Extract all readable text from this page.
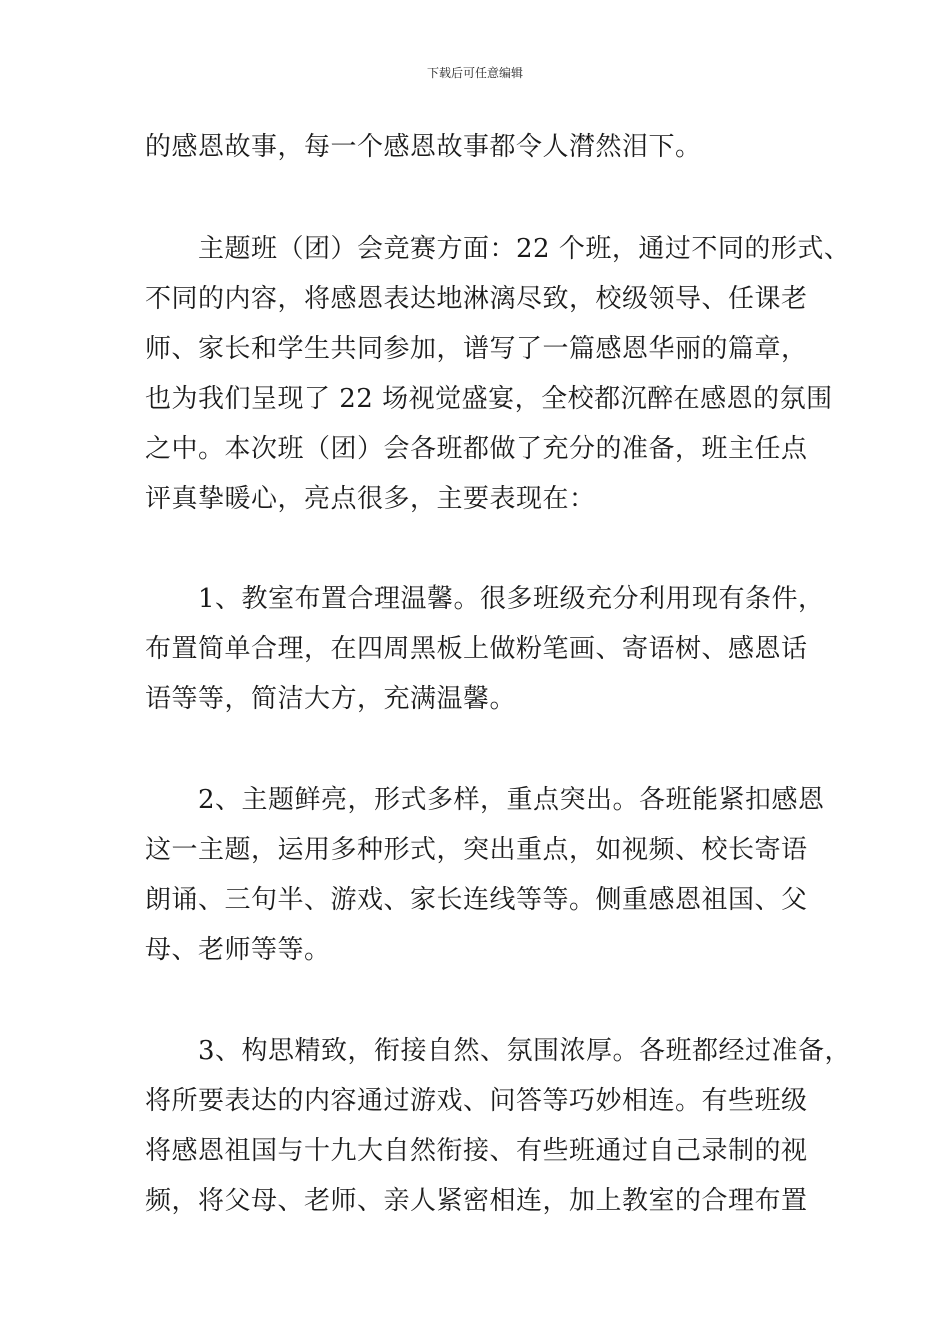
下载后可任意编辑
的感恩故事，每一个感恩故事都令人潸然泪下。
　　主题班（团）会竞赛方面：22 个班，通过不同的形式、
不同的内容，将感恩表达地淋漓尽致，校级领导、任课老
师、家长和学生共同参加，谱写了一篇感恩华丽的篇章，
也为我们呈现了 22 场视觉盛宴，全校都沉醉在感恩的氛围
之中。本次班（团）会各班都做了充分的准备，班主任点
评真挚暖心，亮点很多，主要表现在：
　　1、教室布置合理温馨。很多班级充分利用现有条件，
布置简单合理，在四周黑板上做粉笔画、寄语树、感恩话
语等等，简洁大方，充满温馨。
　　2、主题鲜亮，形式多样，重点突出。各班能紧扣感恩
这一主题，运用多种形式，突出重点，如视频、校长寄语
朗诵、三句半、游戏、家长连线等等。侧重感恩祖国、父
母、老师等等。
　　3、构思精致，衔接自然、氛围浓厚。各班都经过准备，
将所要表达的内容通过游戏、问答等巧妙相连。有些班级
将感恩祖国与十九大自然衔接、有些班通过自己录制的视
频，将父母、老师、亲人紧密相连，加上教室的合理布置
